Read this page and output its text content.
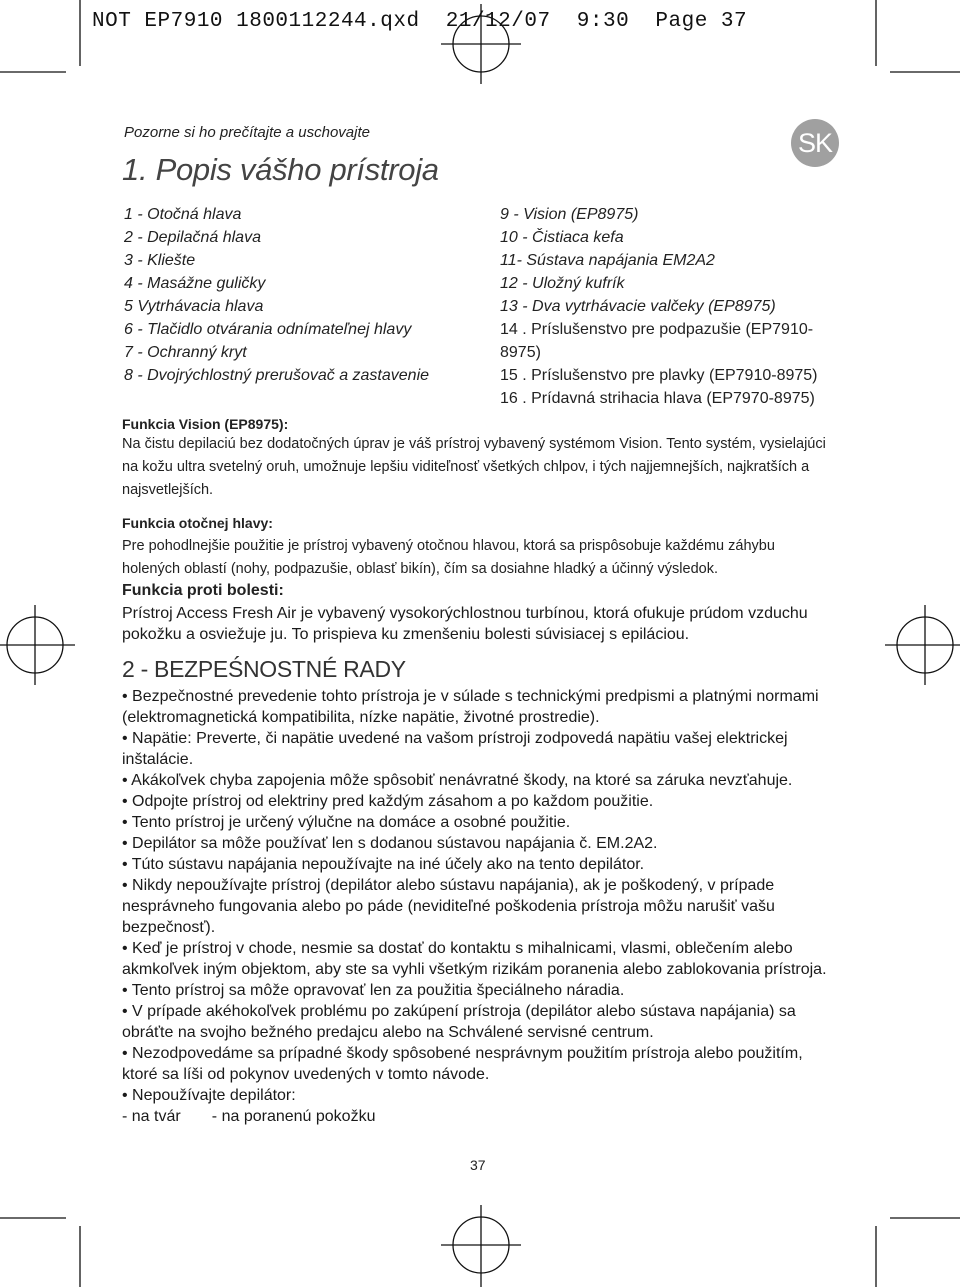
NOT EP7910 1800112244.qxd  21/12/07  9:30  Page 37
Pozorne si ho prečítajte a uschovajte
1. Popis vášho prístroja
SK
1 - Otočná hlava
2 - Depilačná hlava
3 - Kliešte
4 - Masážne guličky
5 Vytrhávacia hlava
6 - Tlačidlo otvárania odnímateľnej hlavy
7 - Ochranný kryt
8 - Dvojrýchlostný prerušovač a zastavenie
9 - Vision (EP8975)
10 - Čistiaca kefa
11- Sústava napájania EM2A2
12 - Uložný kufrík
13 - Dva vytrhávacie valčeky (EP8975)
14 . Príslušenstvo pre podpazušie (EP7910-
8975)
15 . Príslušenstvo pre plavky (EP7910-8975)
16 . Prídavná strihacia hlava (EP7970-8975)
Funkcia Vision (EP8975):
Na čistu depilaciú bez dodatočných úprav je váš prístroj vybavený systémom Vision. Tento systém, vysielajúci na kožu ultra svetelný oruh, umožnuje lepšiu viditeľnosť všetkých chlpov, i tých najjemnejších, najkratších a najsvetlejších.
Funkcia otočnej hlavy:
Pre pohodlnejšie použitie je prístroj vybavený otočnou hlavou, ktorá sa prispôsobuje každému záhybu holených oblastí (nohy, podpazušie, oblasť bikín), čím sa dosiahne hladký a účinný výsledok.
Funkcia proti bolesti:
Prístroj Access Fresh Air je vybavený vysokorýchlostnou turbínou, ktorá ofukuje prúdom vzduchu pokožku a osviežuje ju. To prispieva ku zmenšeniu bolesti súvisiacej s epiláciou.
2 - BEZPEŚNOSTNÉ RADY
• Bezpečnostné prevedenie tohto prístroja je v súlade s technickými predpismi a platnými normami (elektromagnetická kompatibilita, nízke napätie, životné prostredie).
• Napätie: Preverte, či napätie uvedené na vašom prístroji zodpovedá napätiu vašej elektrickej inštalácie.
• Akákoľvek chyba zapojenia môže spôsobiť nenávratné škody, na ktoré sa záruka nevzťahuje.
• Odpojte prístroj od elektriny pred každým zásahom a po každom použitie.
• Tento prístroj je určený výlučne na domáce a osobné použitie.
• Depilátor sa môže používať len s dodanou sústavou napájania č. EM.2A2.
• Túto sústavu napájania nepoužívajte na iné účely ako na tento depilátor.
• Nikdy nepoužívajte prístroj (depilátor alebo sústavu napájania), ak je poškodený, v prípade nesprávneho fungovania alebo po páde (neviditeľné poškodenia prístroja môžu narušiť vašu bezpečnosť).
• Keď je prístroj v chode, nesmie sa dostať do kontaktu s mihalnicami, vlasmi, oblečením alebo akmkoľvek iným objektom, aby ste sa vyhli všetkým rizikám poranenia alebo zablokovania prístroja.
• Tento prístroj sa môže opravovať len za použitia špeciálneho náradia.
• V prípade akéhokoľvek problému po zakúpení prístroja (depilátor alebo sústava napájania) sa obráťte na svojho bežného predajcu alebo na Schválené servisné centrum.
• Nezodpovedáme sa prípadné škody spôsobené nesprávnym použitím prístroja alebo použitím, ktoré sa líši od pokynov uvedených v tomto návode.
• Nepoužívajte depilátor:
- na tvár       - na poranenú pokožku
37
